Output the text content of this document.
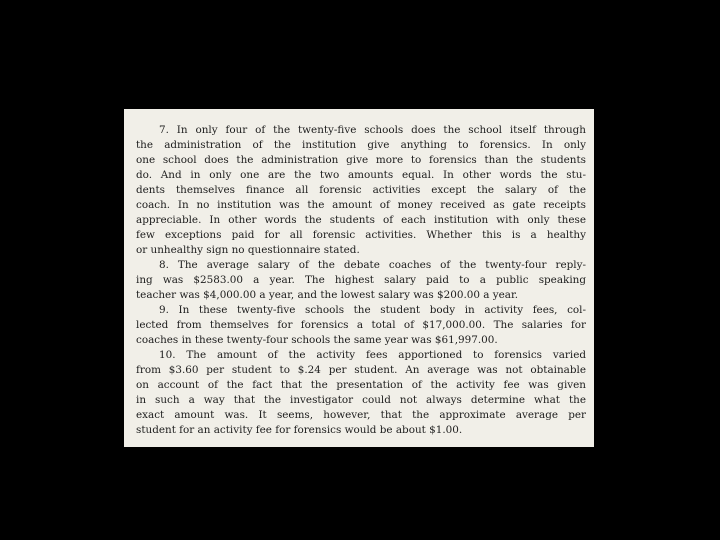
7. In only four of the twenty-five schools does the school itself through
the administration of the institution give anything to forensics. In only
one school does the administration give more to forensics than the students
do. And in only one are the two amounts equal. In other words the stu-
dents themselves finance all forensic activities except the salary of the
coach. In no institution was the amount of money received as gate receipts
appreciable. In other words the students of each institution with only these
few exceptions paid for all forensic activities. Whether this is a healthy
or unhealthy sign no questionnaire stated.
8. The average salary of the debate coaches of the twenty-four reply-
ing was $2583.00 a year. The highest salary paid to a public speaking
teacher was $4,000.00 a year, and the lowest salary was $200.00 a year.
9. In these twenty-five schools the student body in activity fees, col-
lected from themselves for forensics a total of $17,000.00. The salaries for
coaches in these twenty-four schools the same year was $61,997.00.
10. The amount of the activity fees apportioned to forensics varied
from $3.60 per student to $.24 per student. An average was not obtainable
on account of the fact that the presentation of the activity fee was given
in such a way that the investigator could not always determine what the
exact amount was. It seems, however, that the approximate average per
student for an activity fee for forensics would be about $1.00.
